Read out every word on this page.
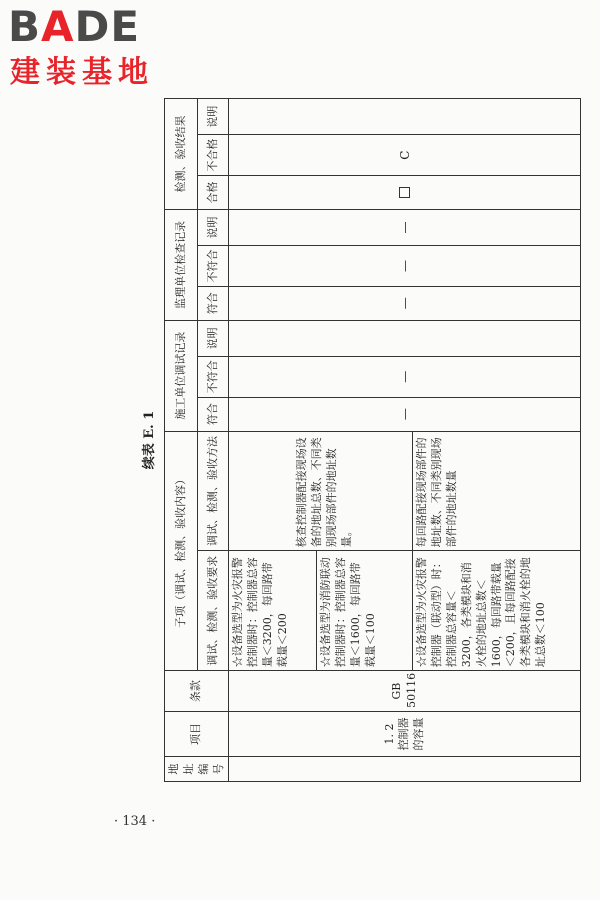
BADE
建装基地
· 134 ·
续表 E. 1
地址编号	项目	条款	子项（调试、检测、验收内容）		施工单位调试记录			监理单位检查记录			检测、验收结果		
			调试、检测、验收要求	调试、检测、验收方法	符合	不符合	说明	符合	不符合	说明	合格	不合格	说明

	1. 2 控制器的容量	GB 50116	☆设备选型为火灾报警控制器时：控制器总容量＜3200，每回路带载量＜200	核查控制器配接现场设备的地址总数、不同类别现场部件的地址数量。	—	—		—	—	—		C	
			☆设备选型为消防联动控制器时：控制器总容量＜1600，每回路带载量＜100										
			☆设备选型为火灾报警控制器（联动型）时：控制器总容量＜3200，各类模块和消火栓的地址总数＜1600，每回路带载量＜200，且每回路配接各类模块和消火栓的地址总数＜100	每回路配接现场部件的地址数、不同类别现场部件的地址数量									
